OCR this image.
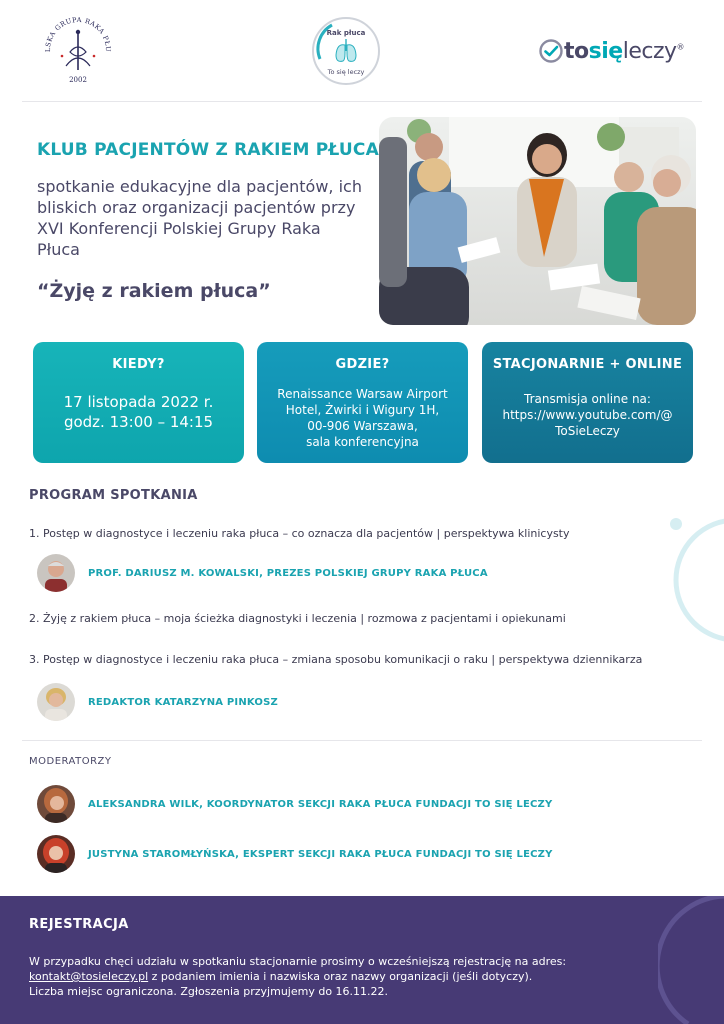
LSKA GRUPA RAKA PŁU
2002
Rak płuca
To się leczy
tosięleczy®
KLUB PACJENTÓW Z RAKIEM PŁUCA

spotkanie edukacyjne dla pacjentów, ich bliskich oraz organizacji pacjentów przy XVI Konferencji Polskiej Grupy Raka Płuca

“Żyję z rakiem płuca”
KIEDY?
17 listopada 2022 r.
godz. 13:00 – 14:15
GDZIE?
Renaissance Warsaw Airport
Hotel, Żwirki i Wigury 1H,
00-906 Warszawa,
sala konferencyjna
STACJONARNIE + ONLINE
Transmisja online na:
https://www.youtube.com/@
ToSieLeczy
PROGRAM SPOTKANIA
1. Postęp w diagnostyce i leczeniu raka płuca – co oznacza dla pacjentów | perspektywa klinicysty
PROF. DARIUSZ M. KOWALSKI, PREZES POLSKIEJ GRUPY RAKA PŁUCA
2. Żyję z rakiem płuca – moja ścieżka diagnostyki i leczenia | rozmowa z pacjentami i opiekunami
3. Postęp w diagnostyce i leczeniu raka płuca – zmiana sposobu komunikacji o raku | perspektywa dziennikarza
REDAKTOR KATARZYNA PINKOSZ
MODERATORZY
ALEKSANDRA WILK, KOORDYNATOR SEKCJI RAKA PŁUCA FUNDACJI TO SIĘ LECZY
JUSTYNA STAROMŁYŃSKA, EKSPERT SEKCJI RAKA PŁUCA FUNDACJI TO SIĘ LECZY
REJESTRACJA

W przypadku chęci udziału w spotkaniu stacjonarnie prosimy o wcześniejszą rejestrację na adres:
kontakt@tosieleczy.pl z podaniem imienia i nazwiska oraz nazwy organizacji (jeśli dotyczy).
Liczba miejsc ograniczona. Zgłoszenia przyjmujemy do 16.11.22.
